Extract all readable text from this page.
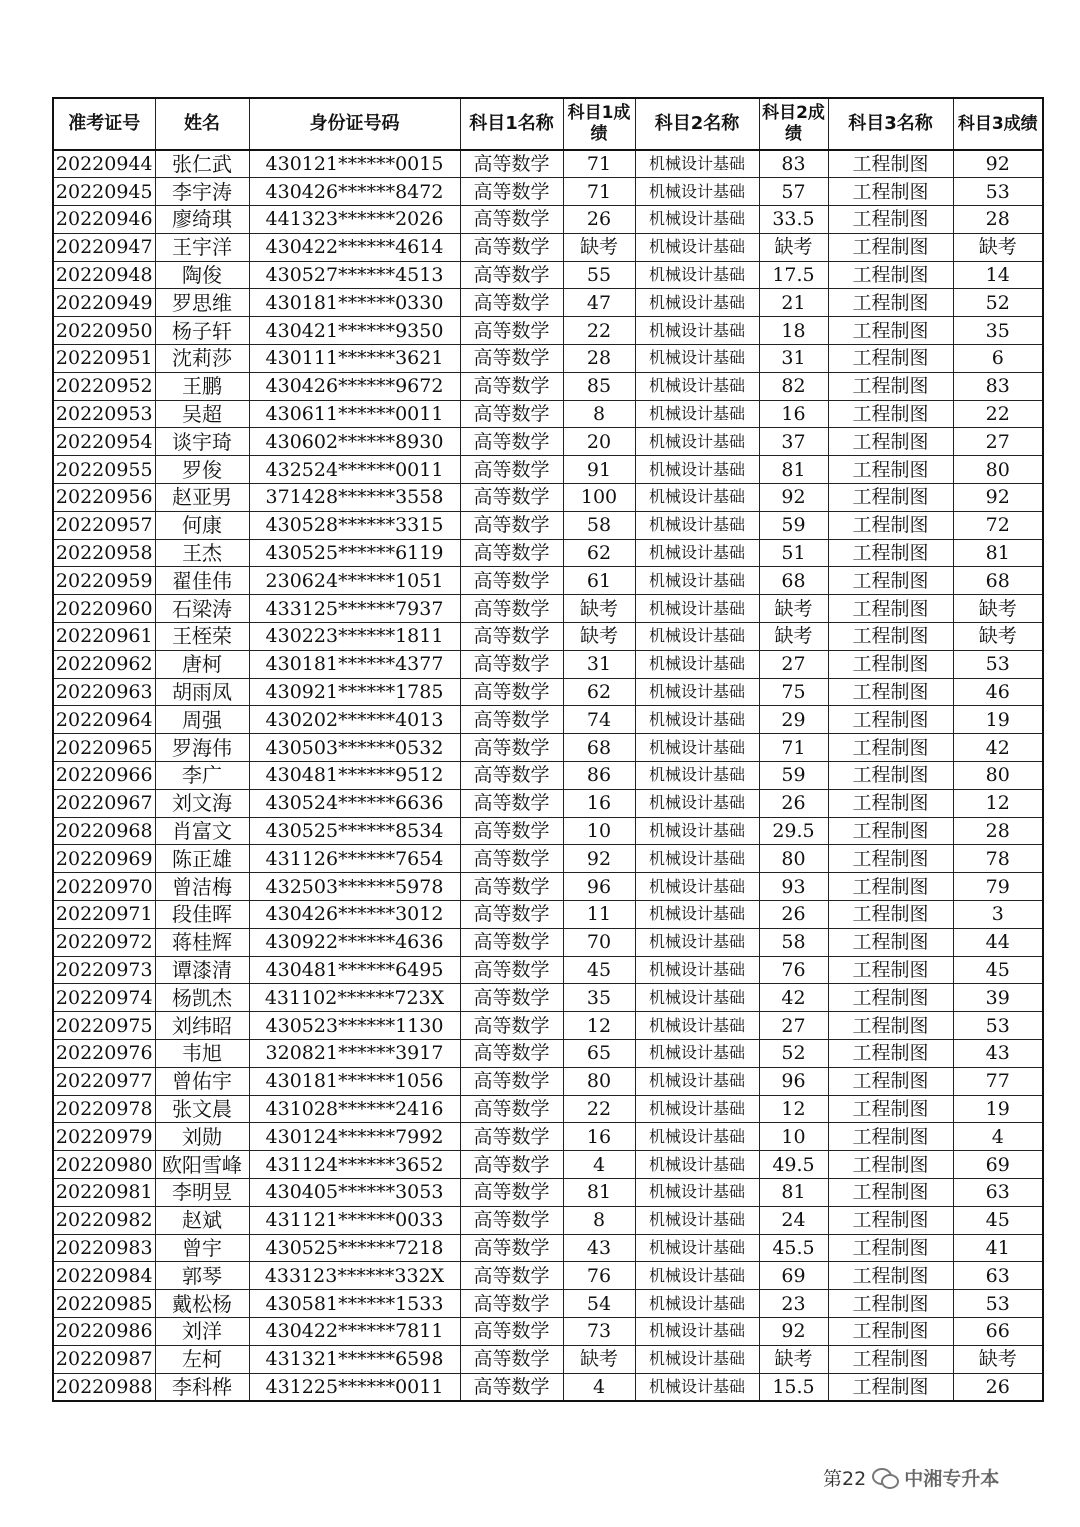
准考证号	姓名	身份证号码	科目1名称	科目1成绩	科目2名称	科目2成绩	科目3名称	科目3成绩
20220944	张仁武	430121******0015	高等数学	71	机械设计基础	83	工程制图	92
20220945	李宇涛	430426******8472	高等数学	71	机械设计基础	57	工程制图	53
20220946	廖绮琪	441323******2026	高等数学	26	机械设计基础	33.5	工程制图	28
20220947	王宇洋	430422******4614	高等数学	缺考	机械设计基础	缺考	工程制图	缺考
20220948	陶俊	430527******4513	高等数学	55	机械设计基础	17.5	工程制图	14
20220949	罗思维	430181******0330	高等数学	47	机械设计基础	21	工程制图	52
20220950	杨子轩	430421******9350	高等数学	22	机械设计基础	18	工程制图	35
20220951	沈莉莎	430111******3621	高等数学	28	机械设计基础	31	工程制图	6
20220952	王鹏	430426******9672	高等数学	85	机械设计基础	82	工程制图	83
20220953	吴超	430611******0011	高等数学	8	机械设计基础	16	工程制图	22
20220954	谈宇琦	430602******8930	高等数学	20	机械设计基础	37	工程制图	27
20220955	罗俊	432524******0011	高等数学	91	机械设计基础	81	工程制图	80
20220956	赵亚男	371428******3558	高等数学	100	机械设计基础	92	工程制图	92
20220957	何康	430528******3315	高等数学	58	机械设计基础	59	工程制图	72
20220958	王杰	430525******6119	高等数学	62	机械设计基础	51	工程制图	81
20220959	翟佳伟	230624******1051	高等数学	61	机械设计基础	68	工程制图	68
20220960	石梁涛	433125******7937	高等数学	缺考	机械设计基础	缺考	工程制图	缺考
20220961	王桎荣	430223******1811	高等数学	缺考	机械设计基础	缺考	工程制图	缺考
20220962	唐柯	430181******4377	高等数学	31	机械设计基础	27	工程制图	53
20220963	胡雨凤	430921******1785	高等数学	62	机械设计基础	75	工程制图	46
20220964	周强	430202******4013	高等数学	74	机械设计基础	29	工程制图	19
20220965	罗海伟	430503******0532	高等数学	68	机械设计基础	71	工程制图	42
20220966	李广	430481******9512	高等数学	86	机械设计基础	59	工程制图	80
20220967	刘文海	430524******6636	高等数学	16	机械设计基础	26	工程制图	12
20220968	肖富文	430525******8534	高等数学	10	机械设计基础	29.5	工程制图	28
20220969	陈正雄	431126******7654	高等数学	92	机械设计基础	80	工程制图	78
20220970	曾洁梅	432503******5978	高等数学	96	机械设计基础	93	工程制图	79
20220971	段佳晖	430426******3012	高等数学	11	机械设计基础	26	工程制图	3
20220972	蒋桂辉	430922******4636	高等数学	70	机械设计基础	58	工程制图	44
20220973	谭漆清	430481******6495	高等数学	45	机械设计基础	76	工程制图	45
20220974	杨凯杰	431102******723X	高等数学	35	机械设计基础	42	工程制图	39
20220975	刘纬昭	430523******1130	高等数学	12	机械设计基础	27	工程制图	53
20220976	韦旭	320821******3917	高等数学	65	机械设计基础	52	工程制图	43
20220977	曾佑宇	430181******1056	高等数学	80	机械设计基础	96	工程制图	77
20220978	张文晨	431028******2416	高等数学	22	机械设计基础	12	工程制图	19
20220979	刘勋	430124******7992	高等数学	16	机械设计基础	10	工程制图	4
20220980	欧阳雪峰	431124******3652	高等数学	4	机械设计基础	49.5	工程制图	69
20220981	李明昱	430405******3053	高等数学	81	机械设计基础	81	工程制图	63
20220982	赵斌	431121******0033	高等数学	8	机械设计基础	24	工程制图	45
20220983	曾宇	430525******7218	高等数学	43	机械设计基础	45.5	工程制图	41
20220984	郭琴	433123******332X	高等数学	76	机械设计基础	69	工程制图	63
20220985	戴松杨	430581******1533	高等数学	54	机械设计基础	23	工程制图	53
20220986	刘洋	430422******7811	高等数学	73	机械设计基础	92	工程制图	66
20220987	左柯	431321******6598	高等数学	缺考	机械设计基础	缺考	工程制图	缺考
20220988	李科桦	431225******0011	高等数学	4	机械设计基础	15.5	工程制图	26
第22 中湘专升本
